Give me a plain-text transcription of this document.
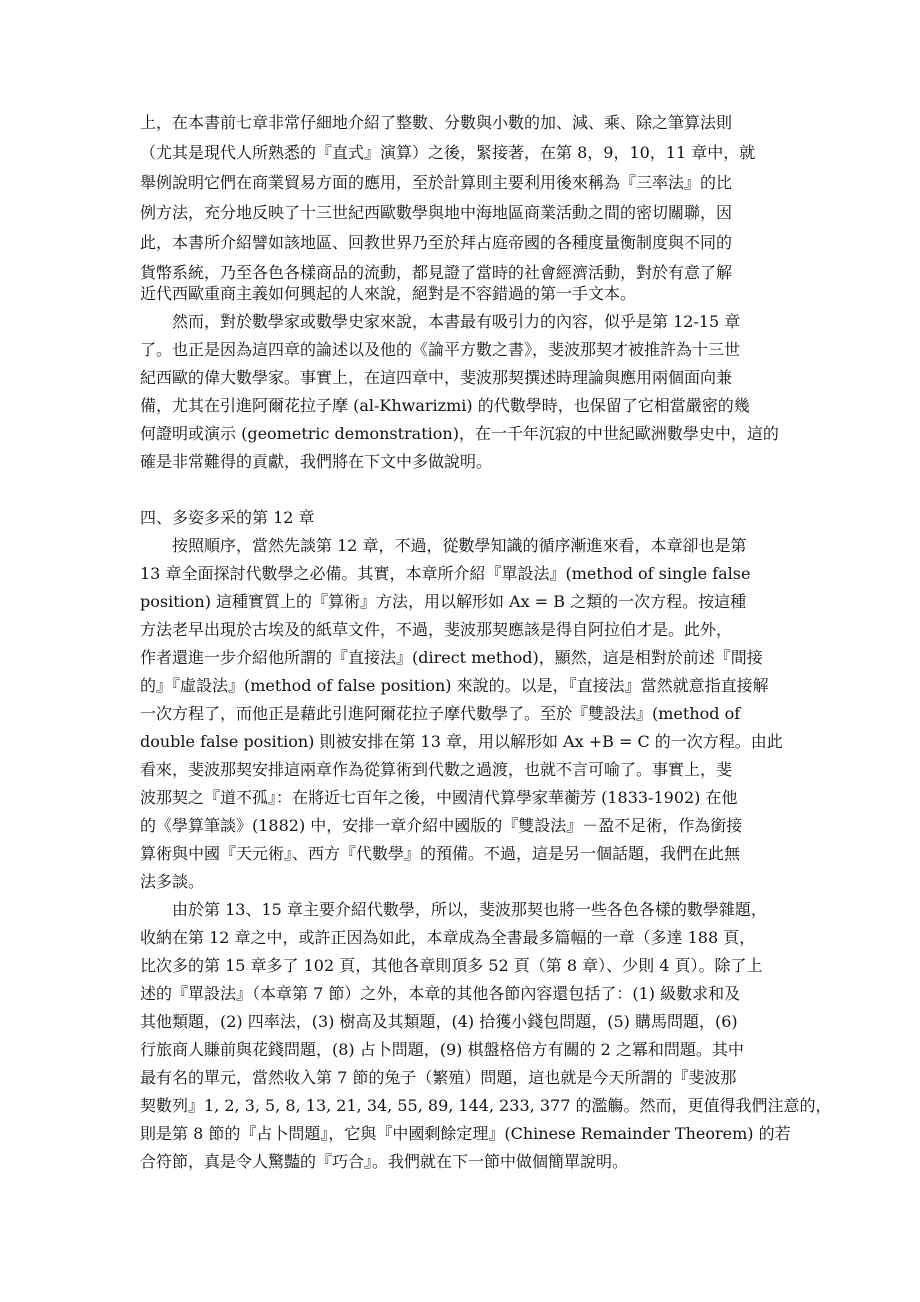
上，在本書前七章非常仔細地介紹了整數、分數與小數的加、減、乘、除之筆算法則
（尤其是現代人所熟悉的『直式』演算）之後，緊接著，在第 8，9，10，11 章中，就
舉例說明它們在商業貿易方面的應用，至於計算則主要利用後來稱為『三率法』的比
例方法，充分地反映了十三世紀西歐數學與地中海地區商業活動之間的密切關聯，因
此，本書所介紹譬如該地區、回教世界乃至於拜占庭帝國的各種度量衡制度與不同的
貨幣系統，乃至各色各樣商品的流動，都見證了當時的社會經濟活動，對於有意了解
近代西歐重商主義如何興起的人來說，絕對是不容錯過的第一手文本。
然而，對於數學家或數學史家來說，本書最有吸引力的內容，似乎是第 12-15 章
了。也正是因為這四章的論述以及他的《論平方數之書》，斐波那契才被推許為十三世
紀西歐的偉大數學家。事實上，在這四章中，斐波那契撰述時理論與應用兩個面向兼
備，尤其在引進阿爾花拉子摩 (al-Khwarizmi) 的代數學時，也保留了它相當嚴密的幾
何證明或演示 (geometric demonstration)，在一千年沉寂的中世紀歐洲數學史中，這的
確是非常難得的貢獻，我們將在下文中多做說明。
四、多姿多采的第 12 章
按照順序，當然先談第 12 章，不過，從數學知識的循序漸進來看，本章卻也是第
13 章全面探討代數學之必備。其實，本章所介紹『單設法』(method of single false
position) 這種實質上的『算術』方法，用以解形如 Ax = B 之類的一次方程。按這種
方法老早出現於古埃及的紙草文件，不過，斐波那契應該是得自阿拉伯才是。此外，
作者還進一步介紹他所謂的『直接法』(direct method)，顯然，這是相對於前述『間接
的』『虛設法』(method of false position) 來說的。以是，『直接法』當然就意指直接解
一次方程了，而他正是藉此引進阿爾花拉子摩代數學了。至於『雙設法』(method of
double false position) 則被安排在第 13 章，用以解形如 Ax +B = C 的一次方程。由此
看來，斐波那契安排這兩章作為從算術到代數之過渡，也就不言可喻了。事實上，斐
波那契之『道不孤』：在將近七百年之後，中國清代算學家華蘅芳 (1833-1902) 在他
的《學算筆談》(1882) 中，安排一章介紹中國版的『雙設法』－盈不足術，作為銜接
算術與中國『天元術』、西方『代數學』的預備。不過，這是另一個話題，我們在此無
法多談。
由於第 13、15 章主要介紹代數學，所以，斐波那契也將一些各色各樣的數學雜題，
收納在第 12 章之中，或許正因為如此，本章成為全書最多篇幅的一章（多達 188 頁，
比次多的第 15 章多了 102 頁，其他各章則頂多 52 頁（第 8 章）、少則 4 頁）。除了上
述的『單設法』（本章第 7 節）之外，本章的其他各節內容還包括了：(1) 級數求和及
其他類題，(2) 四率法，(3) 樹高及其類題，(4) 拾獲小錢包問題，(5) 購馬問題，(6)
行旅商人賺前與花錢問題，(8) 占卜問題，(9) 棋盤格倍方有關的 2 之冪和問題。其中
最有名的單元，當然收入第 7 節的兔子（繁殖）問題，這也就是今天所謂的『斐波那
契數列』1, 2, 3, 5, 8, 13, 21, 34, 55, 89, 144, 233, 377 的濫觴。然而，更值得我們注意的，
則是第 8 節的『占卜問題』，它與『中國剩餘定理』(Chinese Remainder Theorem) 的若
合符節，真是令人驚豔的『巧合』。我們就在下一節中做個簡單說明。
